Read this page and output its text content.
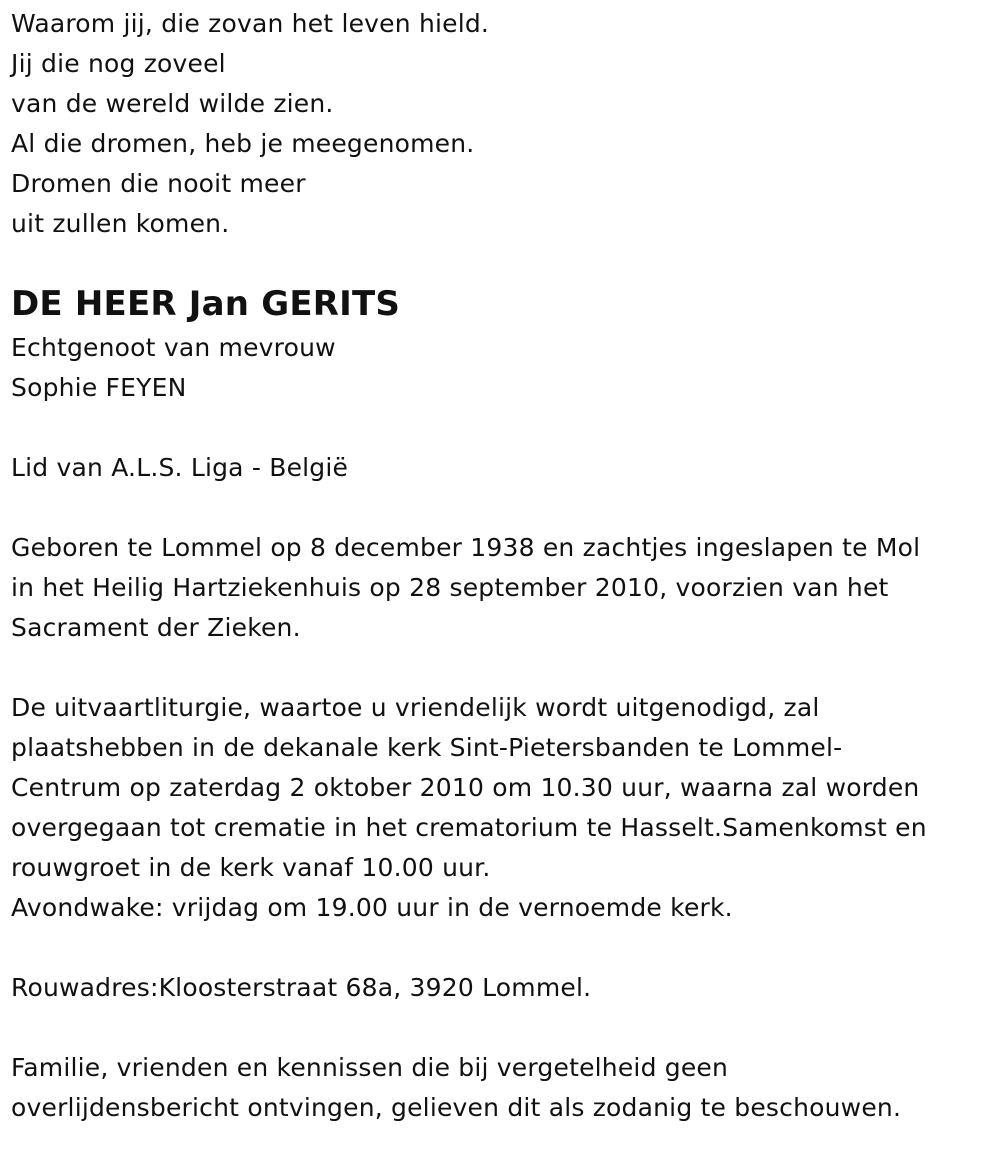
Waarom jij, die zovan het leven hield.
Jij die nog zoveel
van de wereld wilde zien.
Al die dromen, heb je meegenomen.
Dromen die nooit meer
uit zullen komen.
DE HEER Jan GERITS
Echtgenoot van mevrouw
Sophie FEYEN
Lid van A.L.S. Liga - België
Geboren te Lommel op 8 december 1938 en zachtjes ingeslapen te Mol
in het Heilig Hartziekenhuis op 28 september 2010, voorzien van het
Sacrament der Zieken.
De uitvaartliturgie, waartoe u vriendelijk wordt uitgenodigd, zal
plaatshebben in de dekanale kerk Sint-Pietersbanden te Lommel-
Centrum op zaterdag 2 oktober 2010 om 10.30 uur, waarna zal worden
overgegaan tot crematie in het crematorium te Hasselt.Samenkomst en
rouwgroet in de kerk vanaf 10.00 uur.
Avondwake: vrijdag om 19.00 uur in de vernoemde kerk.
Rouwadres:Kloosterstraat 68a, 3920 Lommel.
Familie, vrienden en kennissen die bij vergetelheid geen
overlijdensbericht ontvingen, gelieven dit als zodanig te beschouwen.
